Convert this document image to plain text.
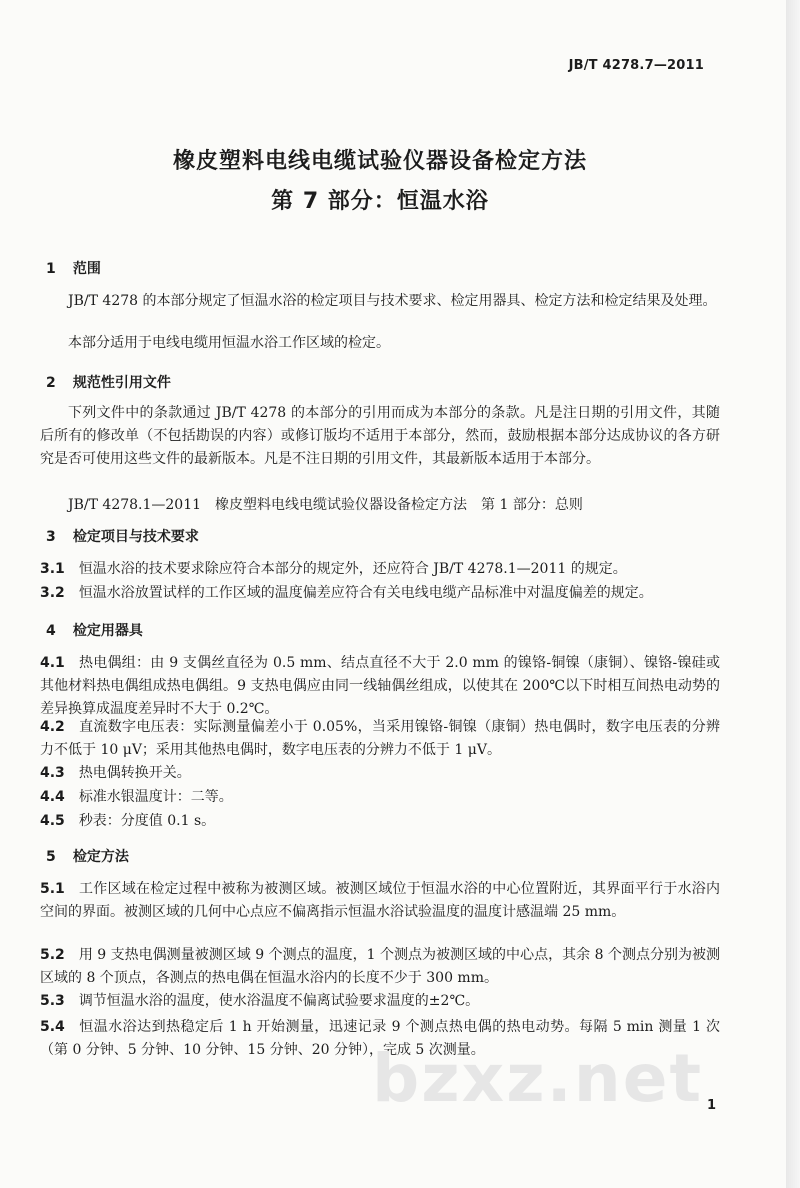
JB/T 4278.7—2011
橡皮塑料电线电缆试验仪器设备检定方法
第 7 部分：恒温水浴
1 范围
JB/T 4278 的本部分规定了恒温水浴的检定项目与技术要求、检定用器具、检定方法和检定结果及处理。
本部分适用于电线电缆用恒温水浴工作区域的检定。
2 规范性引用文件
下列文件中的条款通过 JB/T 4278 的本部分的引用而成为本部分的条款。凡是注日期的引用文件，其随后所有的修改单（不包括勘误的内容）或修订版均不适用于本部分，然而，鼓励根据本部分达成协议的各方研究是否可使用这些文件的最新版本。凡是不注日期的引用文件，其最新版本适用于本部分。
JB/T 4278.1—2011　橡皮塑料电线电缆试验仪器设备检定方法　第 1 部分：总则
3 检定项目与技术要求
3.1 恒温水浴的技术要求除应符合本部分的规定外，还应符合 JB/T 4278.1—2011 的规定。
3.2 恒温水浴放置试样的工作区域的温度偏差应符合有关电线电缆产品标准中对温度偏差的规定。
4 检定用器具
4.1 热电偶组：由 9 支偶丝直径为 0.5 mm、结点直径不大于 2.0 mm 的镍铬-铜镍（康铜）、镍铬-镍硅或其他材料热电偶组成热电偶组。9 支热电偶应由同一线轴偶丝组成，以使其在 200℃以下时相互间热电动势的差异换算成温度差异时不大于 0.2℃。
4.2 直流数字电压表：实际测量偏差小于 0.05%，当采用镍铬-铜镍（康铜）热电偶时，数字电压表的分辨力不低于 10 μV；采用其他热电偶时，数字电压表的分辨力不低于 1 μV。
4.3 热电偶转换开关。
4.4 标准水银温度计：二等。
4.5 秒表：分度值 0.1 s。
5 检定方法
5.1 工作区域在检定过程中被称为被测区域。被测区域位于恒温水浴的中心位置附近，其界面平行于水浴内空间的界面。被测区域的几何中心点应不偏离指示恒温水浴试验温度的温度计感温端 25 mm。
5.2 用 9 支热电偶测量被测区域 9 个测点的温度，1 个测点为被测区域的中心点，其余 8 个测点分别为被测区域的 8 个顶点，各测点的热电偶在恒温水浴内的长度不少于 300 mm。
5.3 调节恒温水浴的温度，使水浴温度不偏离试验要求温度的±2℃。
5.4 恒温水浴达到热稳定后 1 h 开始测量，迅速记录 9 个测点热电偶的热电动势。每隔 5 min 测量 1 次（第 0 分钟、5 分钟、10 分钟、15 分钟、20 分钟），完成 5 次测量。
bzxz.net 1
